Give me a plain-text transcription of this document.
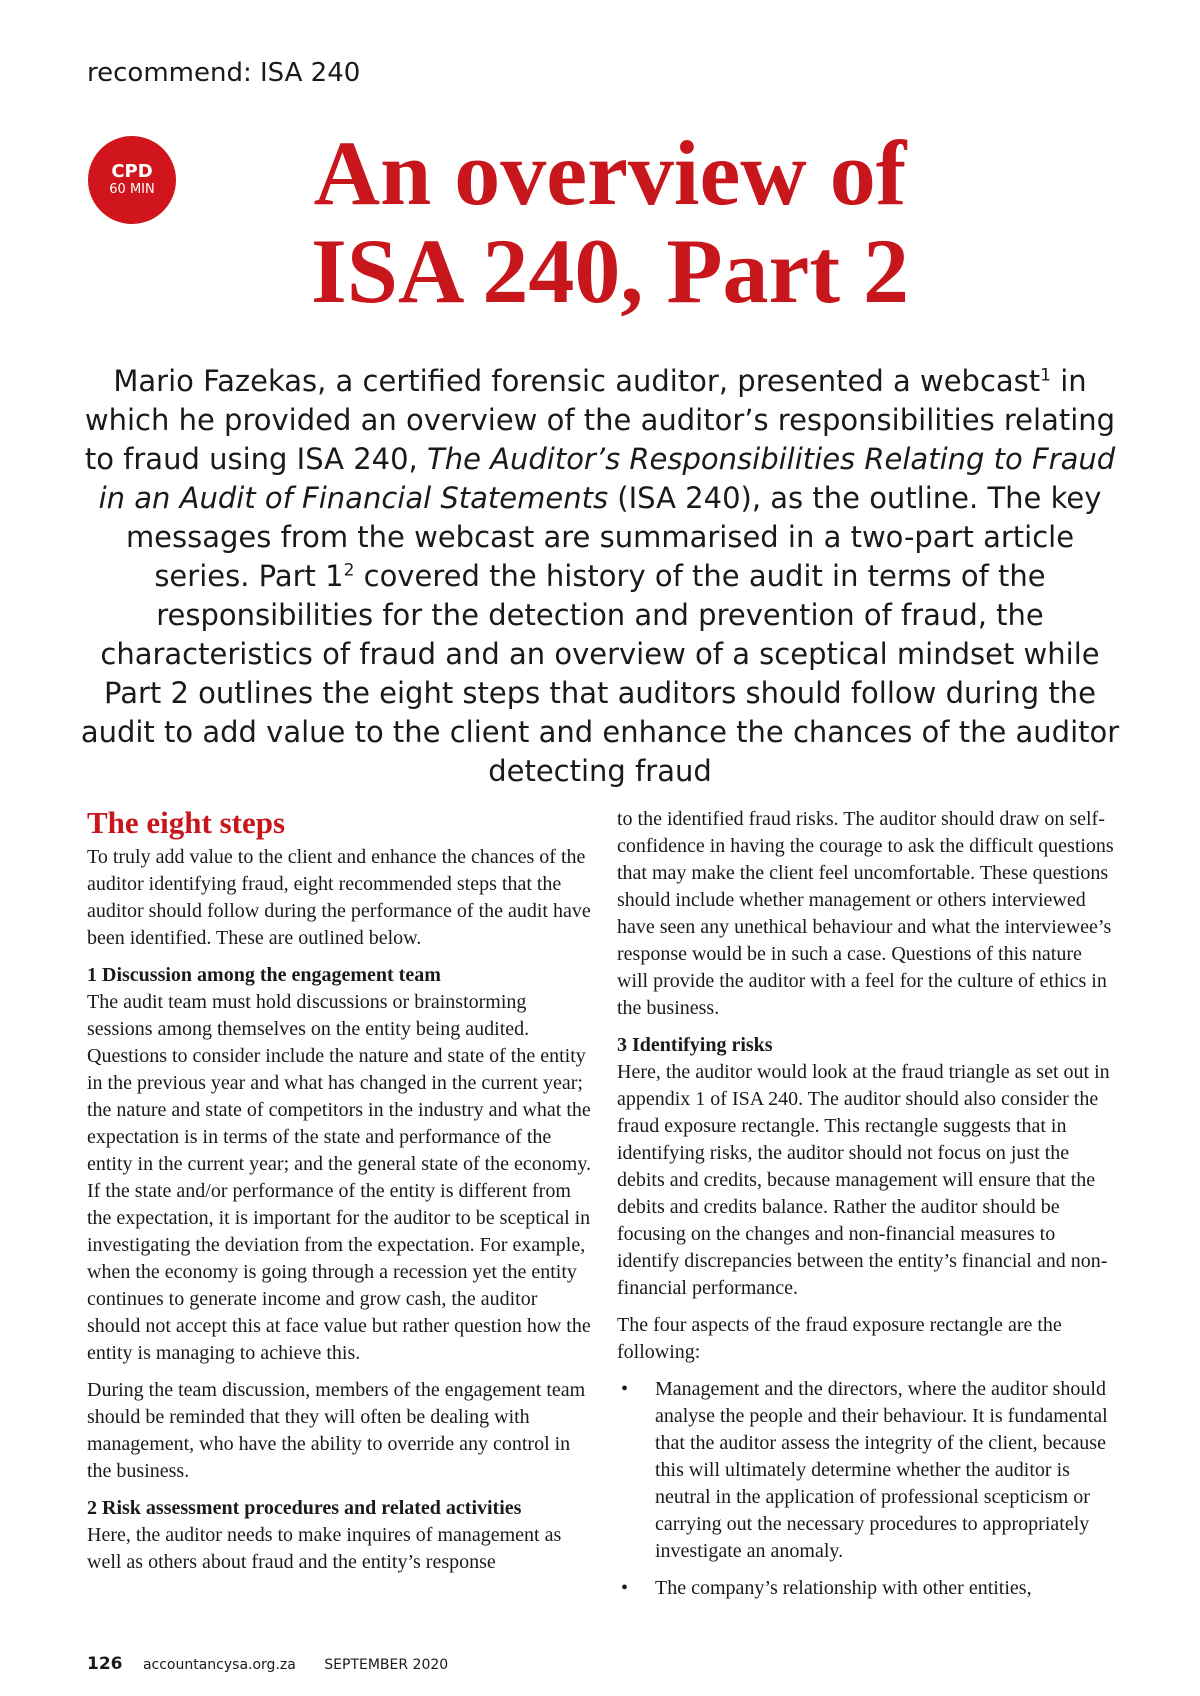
recommend: ISA 240
CPD
60 MIN	An overview of
ISA 240, Part 2

Mario Fazekas, a certified forensic auditor, presented a webcast$^1$ in which he provided an overview of the auditor’s responsibilities relating to fraud using ISA 240, The Auditor’s Responsibilities Relating to Fraud in an Audit of Financial Statements (ISA 240), as the outline. The key messages from the webcast are summarised in a two-part article series. Part $1^2$ covered the history of the audit in terms of the responsibilities for the detection and prevention of fraud, the characteristics of fraud and an overview of a sceptical mindset while Part 2 outlines the eight steps that auditors should follow during the audit to add value to the client and enhance the chances of the auditor detecting fraud

The eight steps

To truly add value to the client and enhance the chances of the auditor identifying fraud, eight recommended steps that the auditor should follow during the performance of the audit have been identified. These are outlined below.

1 Discussion among the engagement team

The audit team must hold discussions or brainstorming sessions among themselves on the entity being audited. Questions to consider include the nature and state of the entity in the previous year and what has changed in the current year; the nature and state of competitors in the industry and what the expectation is in terms of the state and performance of the entity in the current year; and the general state of the economy. If the state and/or performance of the entity is different from the expectation, it is important for the auditor to be sceptical in investigating the deviation from the expectation. For example, when the economy is going through a recession yet the entity continues to generate income and grow cash, the auditor should not accept this at face value but rather question how the entity is managing to achieve this.

During the team discussion, members of the engagement team should be reminded that they will often be dealing with management, who have the ability to override any control in the business.

2 Risk assessment procedures and related activities

Here, the auditor needs to make inquires of management as well as others about fraud and the entity’s response

to the identified fraud risks. The auditor should draw on self-confidence in having the courage to ask the difficult questions that may make the client feel uncomfortable. These questions should include whether management or others interviewed have seen any unethical behaviour and what the interviewee’s response would be in such a case. Questions of this nature will provide the auditor with a feel for the culture of ethics in the business.

3 Identifying risks

Here, the auditor would look at the fraud triangle as set out in appendix 1 of ISA 240. The auditor should also consider the fraud exposure rectangle. This rectangle suggests that in identifying risks, the auditor should not focus on just the debits and credits, because management will ensure that the debits and credits balance. Rather the auditor should be focusing on the changes and non-financial measures to identify discrepancies between the entity’s financial and non-financial performance.

The four aspects of the fraud exposure rectangle are the following:

• Management and the directors, where the auditor should analyse the people and their behaviour. It is fundamental that the auditor assess the integrity of the client, because this will ultimately determine whether the auditor is neutral in the application of professional scepticism or carrying out the necessary procedures to appropriately investigate an anomaly.
• The company’s relationship with other entities,
126 accountancysa.org.za SEPTEMBER 2020
